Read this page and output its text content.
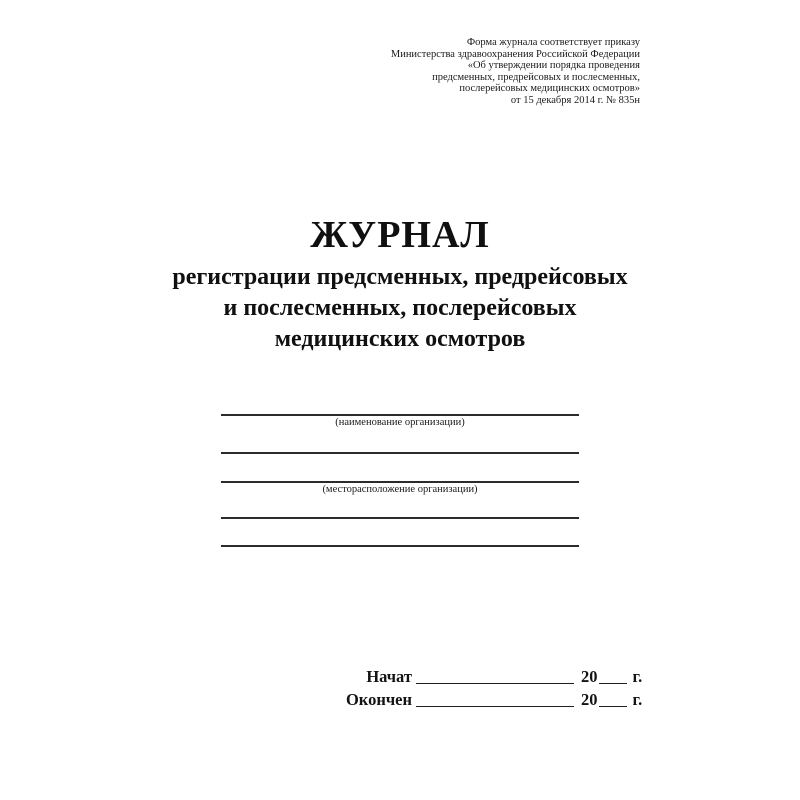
Форма журнала соответствует приказу
Министерства здравоохранения Российской Федерации
«Об утверждении порядка проведения
предсменных, предрейсовых и послесменных,
послерейсовых медицинских осмотров»
от 15 декабря 2014 г. № 835н
ЖУРНАЛ
регистрации предсменных, предрейсовых
и послесменных, послерейсовых
медицинских осмотров
(наименование организации)
(месторасположение организации)
Начат	20 г.
Окончен	20 г.
